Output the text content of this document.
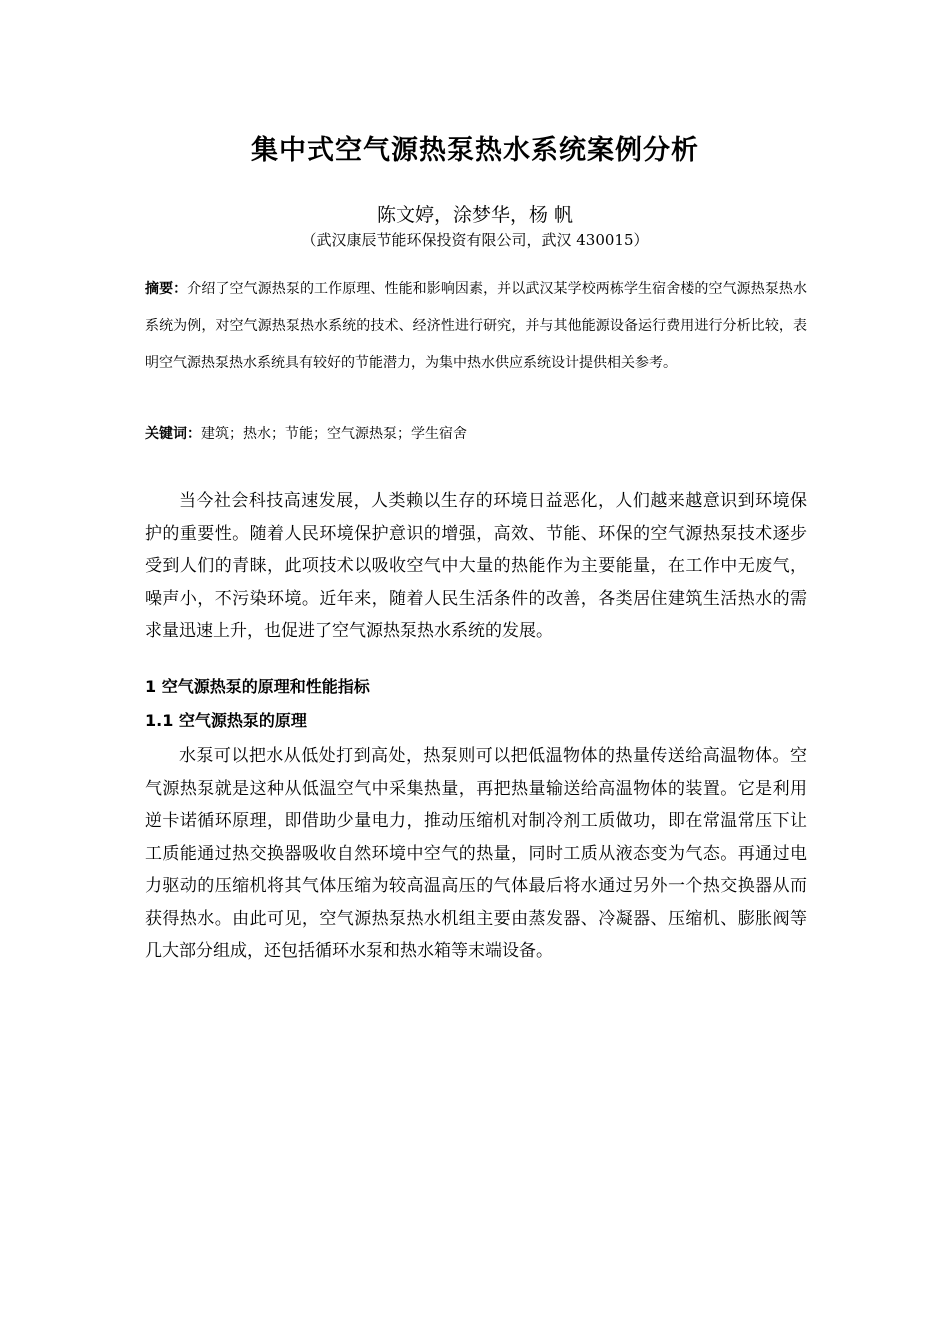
集中式空气源热泵热水系统案例分析
陈文婷，涂梦华，杨 帆
（武汉康辰节能环保投资有限公司，武汉 430015）
摘要：介绍了空气源热泵的工作原理、性能和影响因素，并以武汉某学校两栋学生宿舍楼的空气源热泵热水系统为例，对空气源热泵热水系统的技术、经济性进行研究，并与其他能源设备运行费用进行分析比较，表明空气源热泵热水系统具有较好的节能潜力，为集中热水供应系统设计提供相关参考。
关键词：建筑；热水；节能；空气源热泵；学生宿舍

当今社会科技高速发展，人类赖以生存的环境日益恶化，人们越来越意识到环境保护的重要性。随着人民环境保护意识的增强，高效、节能、环保的空气源热泵技术逐步受到人们的青睐，此项技术以吸收空气中大量的热能作为主要能量，在工作中无废气，噪声小，不污染环境。近年来，随着人民生活条件的改善，各类居住建筑生活热水的需求量迅速上升，也促进了空气源热泵热水系统的发展。

1 空气源热泵的原理和性能指标
1.1 空气源热泵的原理

水泵可以把水从低处打到高处，热泵则可以把低温物体的热量传送给高温物体。空气源热泵就是这种从低温空气中采集热量，再把热量输送给高温物体的装置。它是利用逆卡诺循环原理，即借助少量电力，推动压缩机对制冷剂工质做功，即在常温常压下让工质能通过热交换器吸收自然环境中空气的热量，同时工质从液态变为气态。再通过电力驱动的压缩机将其气体压缩为较高温高压的气体最后将水通过另外一个热交换器从而获得热水。由此可见，空气源热泵热水机组主要由蒸发器、冷凝器、压缩机、膨胀阀等几大部分组成，还包括循环水泵和热水箱等末端设备。
